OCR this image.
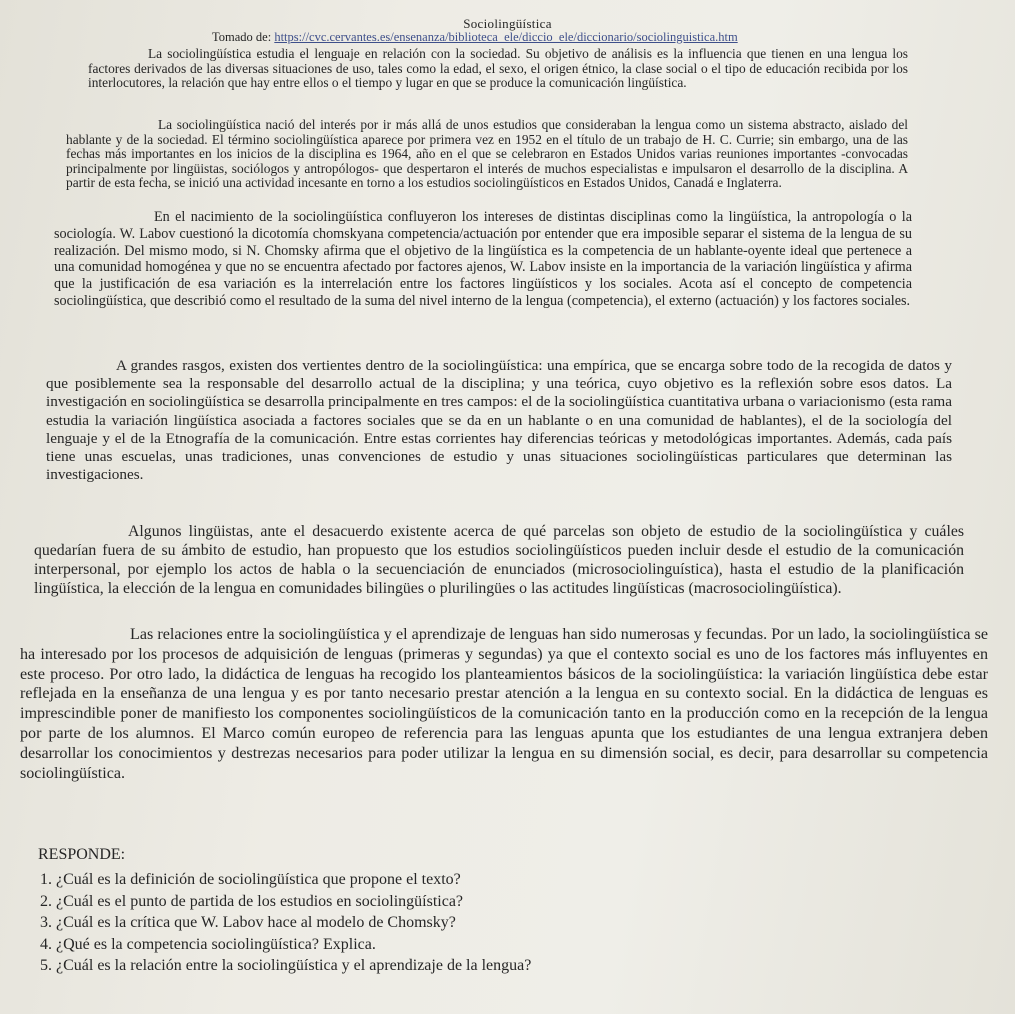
Sociolingüística
Tomado de: https://cvc.cervantes.es/ensenanza/biblioteca_ele/diccio_ele/diccionario/sociolinguistica.htm

La sociolingüística estudia el lenguaje en relación con la sociedad. Su objetivo de análisis es la influencia que tienen en una lengua los factores derivados de las diversas situaciones de uso, tales como la edad, el sexo, el origen étnico, la clase social o el tipo de educación recibida por los interlocutores, la relación que hay entre ellos o el tiempo y lugar en que se produce la comunicación lingüística.

La sociolingüística nació del interés por ir más allá de unos estudios que consideraban la lengua como un sistema abstracto, aislado del hablante y de la sociedad. El término sociolingüística aparece por primera vez en 1952 en el título de un trabajo de H. C. Currie; sin embargo, una de las fechas más importantes en los inicios de la disciplina es 1964, año en el que se celebraron en Estados Unidos varias reuniones importantes -convocadas principalmente por lingüistas, sociólogos y antropólogos- que despertaron el interés de muchos especialistas e impulsaron el desarrollo de la disciplina. A partir de esta fecha, se inició una actividad incesante en torno a los estudios sociolingüísticos en Estados Unidos, Canadá e Inglaterra.

En el nacimiento de la sociolingüística confluyeron los intereses de distintas disciplinas como la lingüística, la antropología o la sociología. W. Labov cuestionó la dicotomía chomskyana competencia/actuación por entender que era imposible separar el sistema de la lengua de su realización. Del mismo modo, si N. Chomsky afirma que el objetivo de la lingüística es la competencia de un hablante-oyente ideal que pertenece a una comunidad homogénea y que no se encuentra afectado por factores ajenos, W. Labov insiste en la importancia de la variación lingüística y afirma que la justificación de esa variación es la interrelación entre los factores lingüísticos y los sociales. Acota así el concepto de competencia sociolingüística, que describió como el resultado de la suma del nivel interno de la lengua (competencia), el externo (actuación) y los factores sociales.

A grandes rasgos, existen dos vertientes dentro de la sociolingüística: una empírica, que se encarga sobre todo de la recogida de datos y que posiblemente sea la responsable del desarrollo actual de la disciplina; y una teórica, cuyo objetivo es la reflexión sobre esos datos. La investigación en sociolingüística se desarrolla principalmente en tres campos: el de la sociolingüística cuantitativa urbana o variacionismo (esta rama estudia la variación lingüística asociada a factores sociales que se da en un hablante o en una comunidad de hablantes), el de la sociología del lenguaje y el de la Etnografía de la comunicación. Entre estas corrientes hay diferencias teóricas y metodológicas importantes. Además, cada país tiene unas escuelas, unas tradiciones, unas convenciones de estudio y unas situaciones sociolingüísticas particulares que determinan las investigaciones.

Algunos lingüistas, ante el desacuerdo existente acerca de qué parcelas son objeto de estudio de la sociolingüística y cuáles quedarían fuera de su ámbito de estudio, han propuesto que los estudios sociolingüísticos pueden incluir desde el estudio de la comunicación interpersonal, por ejemplo los actos de habla o la secuenciación de enunciados (microsociolinguística), hasta el estudio de la planificación lingüística, la elección de la lengua en comunidades bilingües o plurilingües o las actitudes lingüísticas (macrosociolingüística).

Las relaciones entre la sociolingüística y el aprendizaje de lenguas han sido numerosas y fecundas. Por un lado, la sociolingüística se ha interesado por los procesos de adquisición de lenguas (primeras y segundas) ya que el contexto social es uno de los factores más influyentes en este proceso. Por otro lado, la didáctica de lenguas ha recogido los planteamientos básicos de la sociolingüística: la variación lingüística debe estar reflejada en la enseñanza de una lengua y es por tanto necesario prestar atención a la lengua en su contexto social. En la didáctica de lenguas es imprescindible poner de manifiesto los componentes sociolingüísticos de la comunicación tanto en la producción como en la recepción de la lengua por parte de los alumnos. El Marco común europeo de referencia para las lenguas apunta que los estudiantes de una lengua extranjera deben desarrollar los conocimientos y destrezas necesarios para poder utilizar la lengua en su dimensión social, es decir, para desarrollar su competencia sociolingüística.

RESPONDE:
1. ¿Cuál es la definición de sociolingüística que propone el texto?
2. ¿Cuál es el punto de partida de los estudios en sociolingüística?
3. ¿Cuál es la crítica que W. Labov hace al modelo de Chomsky?
4. ¿Qué es la competencia sociolingüística? Explica.
5. ¿Cuál es la relación entre la sociolingüística y el aprendizaje de la lengua?
